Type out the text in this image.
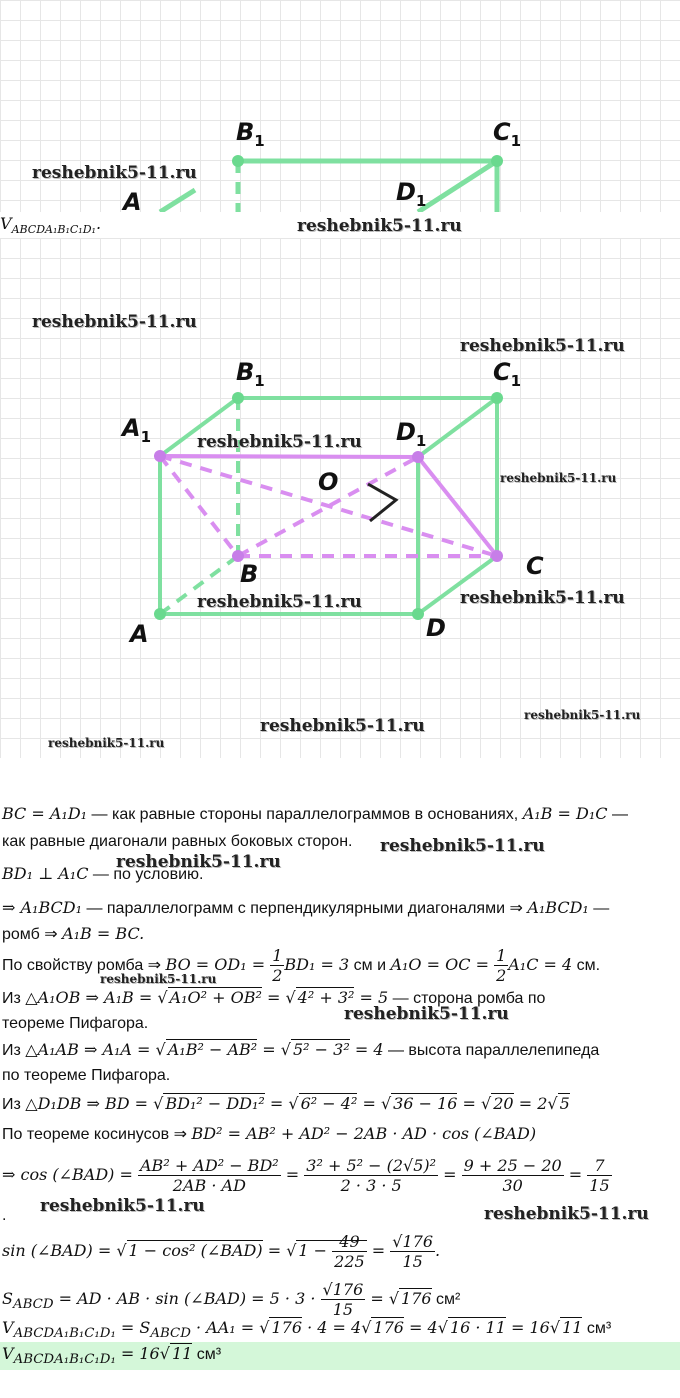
$B_1$	$C_1$
$D_1$
A
reshebnik5-11.ru
$V_{ABCDA_1B_1C_1D_1}$.	reshebnik5-11.ru
$B_1$	$C_1$
$A_1$	$D_1$
O
B	C
A	D
reshebnik5-11.ru
reshebnik5-11.ru
reshebnik5-11.ru
reshebnik5-11.ru
reshebnik5-11.ru	reshebnik5-11.ru
reshebnik5-11.ru
reshebnik5-11.ru
reshebnik5-11.ru
BC = A₁D₁ — как равные стороны параллелограммов в основаниях, A₁B = D₁C —
как равные диагонали равных боковых сторон. reshebnik5-11.ru
BD₁ ⊥ A₁C — по условию.
reshebnik5-11.ru
⇒ A₁BCD₁ — параллелограмм с перпендикулярными диагоналями ⇒ A₁BCD₁ —
ромб ⇒ A₁B = BC.
По свойству ромба ⇒ BO = $OD_1 = \frac{1}{2} BD_1 = 3$ см и A₁O = OC = $\frac{1}{2} A_1C = 4$ см.
reshebnik5-11.ru
Из △A₁OB ⇒ A₁B = √ A₁O² + OB² = √ 4² + 3² = 5 — сторона ромба по
теореме Пифагора.	reshebnik5-11.ru
Из △A₁AB ⇒ A₁A = √ A₁B² − AB² = √ 5² − 3² = 4 — высота параллелепипеда
по теореме Пифагора.
Из △D₁DB ⇒ BD = √ BD₁² − DD₁² = √ 6² − 4² = √ 36 − 16 = √ 20 = 2√ 5
По теореме косинусов ⇒ BD² = AB² + AD² − 2AB · AD · cos (∠BAD)
⇒ cos (∠BAD) = $\frac{\text{AB² + AD² − BD²}}{2AB \cdot AD} = \frac{\text{3² + 5² − (2√5)²}}{2 \cdot 3 \cdot 5} = \frac{9 + 25 - 20}{30} = \frac{7}{15}$
. reshebnik5-11.ru	reshebnik5-11.ru
sin (∠BAD) = √ 1 − cos² (∠BAD) = √ $1 - \frac{49}{225} = \frac{√176}{15}$ .
$S_{ABCD}$ = AD · AB · sin (∠BAD) = $5 \cdot 3 \cdot \frac{√176}{15}$ = √ 176 см²
$V_{ABCDA_1B_1C_1D_1} = S_{ABCD} \cdot AA_1$ = √ 176 · 4 = 4√ 176 = 4√ 16 · 11 = 16√ 11 см³
$V_{ABCDA_1B_1C_1D_1} = 16√$ 11 см³
